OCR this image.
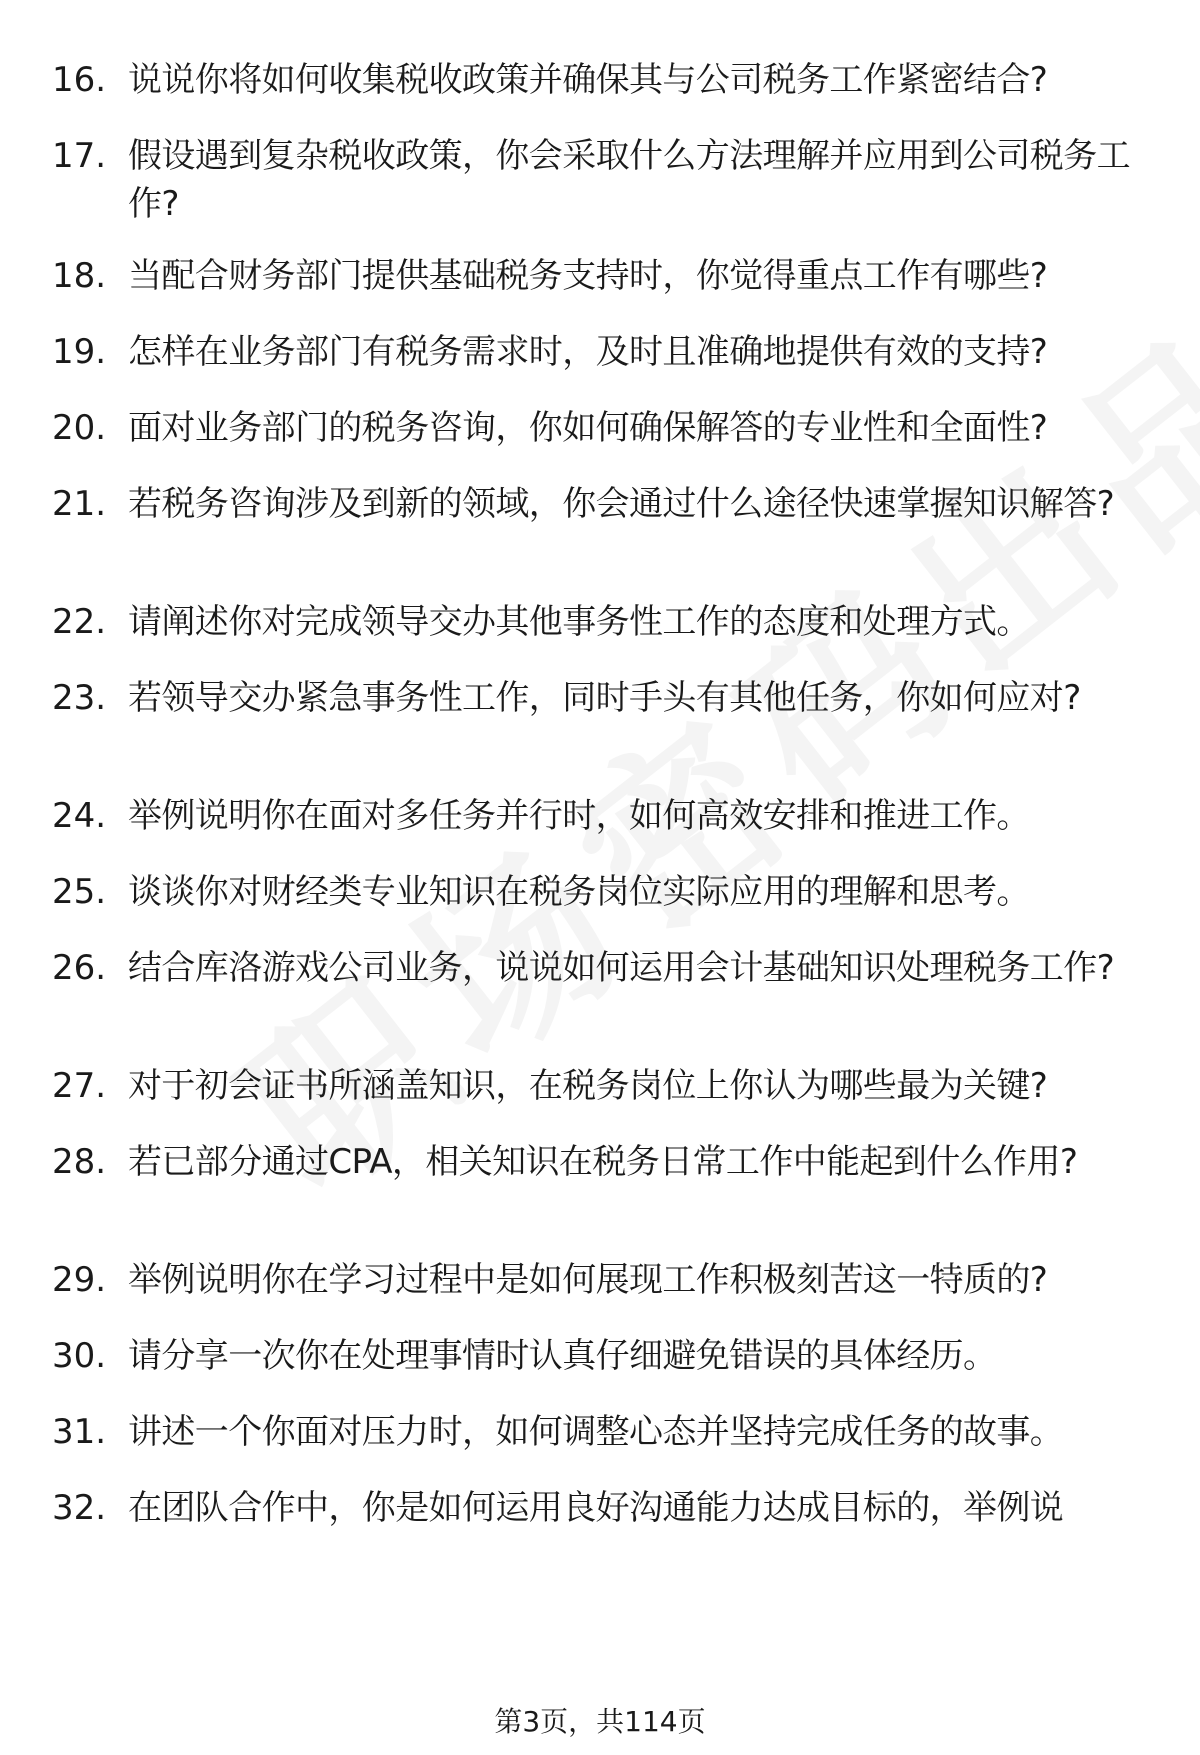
16. 说说你将如何收集税收政策并确保其与公司税务工作紧密结合?
17. 假设遇到复杂税收政策，你会采取什么方法理解并应用到公司税务工作?
18. 当配合财务部门提供基础税务支持时，你觉得重点工作有哪些?
19. 怎样在业务部门有税务需求时，及时且准确地提供有效的支持?
20. 面对业务部门的税务咨询，你如何确保解答的专业性和全面性?
21. 若税务咨询涉及到新的领域，你会通过什么途径快速掌握知识解答?
22. 请阐述你对完成领导交办其他事务性工作的态度和处理方式。
23. 若领导交办紧急事务性工作，同时手头有其他任务，你如何应对?
24. 举例说明你在面对多任务并行时，如何高效安排和推进工作。
25. 谈谈你对财经类专业知识在税务岗位实际应用的理解和思考。
26. 结合库洛游戏公司业务，说说如何运用会计基础知识处理税务工作?
27. 对于初会证书所涵盖知识，在税务岗位上你认为哪些最为关键?
28. 若已部分通过CPA，相关知识在税务日常工作中能起到什么作用?
29. 举例说明你在学习过程中是如何展现工作积极刻苦这一特质的?
30. 请分享一次你在处理事情时认真仔细避免错误的具体经历。
31. 讲述一个你面对压力时，如何调整心态并坚持完成任务的故事。
32. 在团队合作中，你是如何运用良好沟通能力达成目标的，举例说
第3页，共114页
